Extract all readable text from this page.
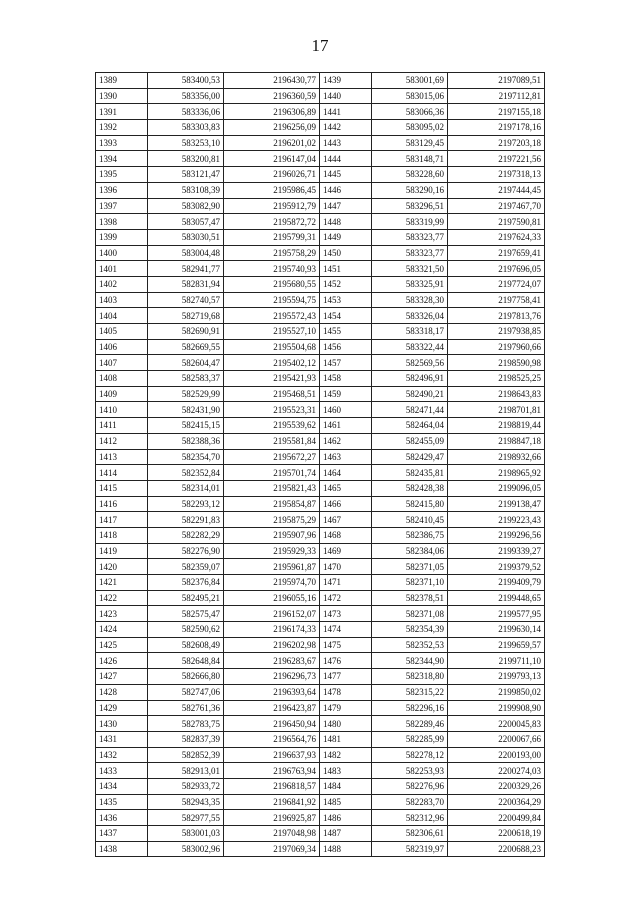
17
1389	583400,53	2196430,77	1439	583001,69	2197089,51
1390	583356,00	2196360,59	1440	583015,06	2197112,81
1391	583336,06	2196306,89	1441	583066,36	2197155,18
1392	583303,83	2196256,09	1442	583095,02	2197178,16
1393	583253,10	2196201,02	1443	583129,45	2197203,18
1394	583200,81	2196147,04	1444	583148,71	2197221,56
1395	583121,47	2196026,71	1445	583228,60	2197318,13
1396	583108,39	2195986,45	1446	583290,16	2197444,45
1397	583082,90	2195912,79	1447	583296,51	2197467,70
1398	583057,47	2195872,72	1448	583319,99	2197590,81
1399	583030,51	2195799,31	1449	583323,77	2197624,33
1400	583004,48	2195758,29	1450	583323,77	2197659,41
1401	582941,77	2195740,93	1451	583321,50	2197696,05
1402	582831,94	2195680,55	1452	583325,91	2197724,07
1403	582740,57	2195594,75	1453	583328,30	2197758,41
1404	582719,68	2195572,43	1454	583326,04	2197813,76
1405	582690,91	2195527,10	1455	583318,17	2197938,85
1406	582669,55	2195504,68	1456	583322,44	2197960,66
1407	582604,47	2195402,12	1457	582569,56	2198590,98
1408	582583,37	2195421,93	1458	582496,91	2198525,25
1409	582529,99	2195468,51	1459	582490,21	2198643,83
1410	582431,90	2195523,31	1460	582471,44	2198701,81
1411	582415,15	2195539,62	1461	582464,04	2198819,44
1412	582388,36	2195581,84	1462	582455,09	2198847,18
1413	582354,70	2195672,27	1463	582429,47	2198932,66
1414	582352,84	2195701,74	1464	582435,81	2198965,92
1415	582314,01	2195821,43	1465	582428,38	2199096,05
1416	582293,12	2195854,87	1466	582415,80	2199138,47
1417	582291,83	2195875,29	1467	582410,45	2199223,43
1418	582282,29	2195907,96	1468	582386,75	2199296,56
1419	582276,90	2195929,33	1469	582384,06	2199339,27
1420	582359,07	2195961,87	1470	582371,05	2199379,52
1421	582376,84	2195974,70	1471	582371,10	2199409,79
1422	582495,21	2196055,16	1472	582378,51	2199448,65
1423	582575,47	2196152,07	1473	582371,08	2199577,95
1424	582590,62	2196174,33	1474	582354,39	2199630,14
1425	582608,49	2196202,98	1475	582352,53	2199659,57
1426	582648,84	2196283,67	1476	582344,90	2199711,10
1427	582666,80	2196296,73	1477	582318,80	2199793,13
1428	582747,06	2196393,64	1478	582315,22	2199850,02
1429	582761,36	2196423,87	1479	582296,16	2199908,90
1430	582783,75	2196450,94	1480	582289,46	2200045,83
1431	582837,39	2196564,76	1481	582285,99	2200067,66
1432	582852,39	2196637,93	1482	582278,12	2200193,00
1433	582913,01	2196763,94	1483	582253,93	2200274,03
1434	582933,72	2196818,57	1484	582276,96	2200329,26
1435	582943,35	2196841,92	1485	582283,70	2200364,29
1436	582977,55	2196925,87	1486	582312,96	2200499,84
1437	583001,03	2197048,98	1487	582306,61	2200618,19
1438	583002,96	2197069,34	1488	582319,97	2200688,23
